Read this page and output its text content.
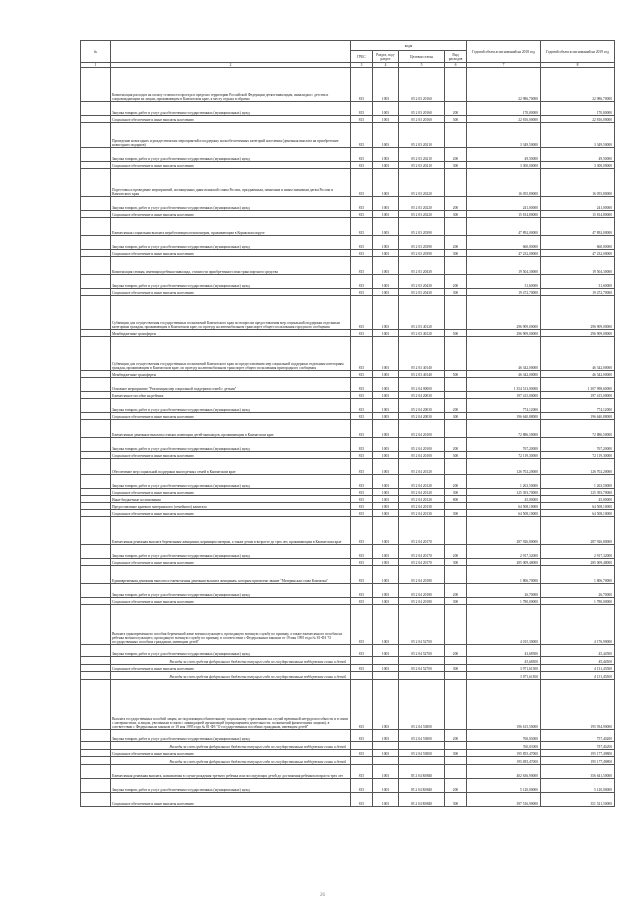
№		коды				Годовой объем ассигнований на 2018 год	Годовой объем ассигнований на 2019 год
		ГРБС	Раздел, под-раздел	Целевая статья	Вид расходов		
1	2	3	4	5	6	7	8
	Компенсация расходов на оплату стоимости проезда в пределах территории Российской Федерации детям-инвалидам, инвалидам с детства и сопровождающим их лицам, проживающим в Камчатском крае, к месту отдыха и обратно	815	1003	05 2 03 20160		22 986,70000	22 986,70000
	Закупка товаров, работ и услуг для обеспечения государственных (муниципальных) нужд	815	1003	05 2 03 20160	200	170,00000	170,00000
	Социальное обеспечение и иные выплаты населению	815	1003	05 2 03 20160	300	22 816,00000	22 816,00000
	Проведение новогодних и рождественских мероприятий и поддержку малообеспеченных категорий населения (денежная выплата на приобретение новогодних подарков)	815	1003	05 2 03 20210		3 349,50000	3 349,50000
	Закупка товаров, работ и услуг для обеспечения государственных (муниципальных) нужд	815	1003	05 2 03 20210	200	49,50000	49,50000
	Социальное обеспечение и иные выплаты населению	815	1003	05 2 03 20210	300	3 300,00000	3 300,00000
	Подготовка и проведение мероприятий, посвященных дням воинской славы России, праздничным, памятным и иным значимым датам России и Камчатского края	815	1003	05 2 03 20220		16 055,80000	16 055,80000
	Закупка товаров, работ и услуг для обеспечения государственных (муниципальных) нужд	815	1003	05 2 03 20220	200	241,00000	241,00000
	Социальное обеспечение и иные выплаты населению	815	1003	05 2 03 20220	300	15 814,80000	15 814,80000
	Ежемесячная социальная выплата неработающим пенсионерам, проживающим в Корякском округе	815	1003	05 2 03 20390		47 892,00000	47 892,00000
	Закупка товаров, работ и услуг для обеспечения государственных (муниципальных) нужд	815	1003	05 2 03 20390	200	660,00000	660,00000
	Социальное обеспечение и иные выплаты населению	815	1003	05 2 03 20390	300	47 232,00000	47 232,00000
	Компенсация семьям, имеющим ребенка-инвалида, стоимости приобретенного ими транспортного средства	815	1003	05 2 03 20430		19 504,30000	19 504,30000
	Закупка товаров, работ и услуг для обеспечения государственных (муниципальных) нужд	815	1003	05 2 03 20430	200	31,60000	31,60000
	Социальное обеспечение и иные выплаты населению	815	1003	05 2 03 20430	300	19 472,70000	19 472,70000
	Субвенции для осуществления государственных полномочий Камчатского края по вопросам предоставления мер социальной поддержки отдельным категориям граждан, проживающим в Камчатском крае, по проезду на автомобильном транспорте общего пользования городского сообщения	815	1003	05 2 03 40120		296 909,00000	296 909,00000
	Межбюджетные трансферты	815	1003	05 2 03 40120	500	296 909,00000	296 909,00000
	Субвенции для осуществления государственных полномочий Камчатского края по предоставлению мер социальной поддержки отдельным категориям граждан, проживающим в Камчатском крае, по проезду на автомобильном транспорте общего пользования пригородного сообщения	815	1003	05 2 03 40140		46 342,00000	46 342,00000
	Межбюджетные трансферты	815	1003	05 2 03 40140	500	46 342,00000	46 342,00000
	Основное мероприятие "Реализация мер социальной поддержки семей с детьми"	815	1003	05 2 04 00000		1 354 513,00000	1 307 998,60000
	Ежемесячное пособие на ребенка	815	1003	05 2 04 20030		197 415,00000	197 415,00000
	Закупка товаров, работ и услуг для обеспечения государственных (муниципальных) нужд	815	1003	05 2 04 20030	200	774,12000	774,12000
	Социальное обеспечение и иные выплаты населению	815	1003	05 2 04 20030	300	196 640,88000	196 640,88000
	Ежемесячные денежные выплаты семьям, имеющим детей-инвалидов, проживающим в Камчатском крае	815	1003	05 2 04 20100		72 886,50000	72 886,50000
	Закупка товаров, работ и услуг для обеспечения государственных (муниципальных) нужд	815	1003	05 2 04 20100	200	767,20000	767,20000
	Социальное обеспечение и иные выплаты населению	815	1003	05 2 04 20100	300	72 119,30000	72 119,30000
	Обеспечение мер социальной поддержки многодетных семей в Камчатском крае	815	1003	05 2 04 20120		126 702,20000	126 702,20000
	Закупка товаров, работ и услуг для обеспечения государственных (муниципальных) нужд	815	1003	05 2 04 20120	200	1 263,50000	1 263,50000
	Социальное обеспечение и иные выплаты населению	815	1003	05 2 04 20120	300	125 393,70000	125 393,70000
	Иные бюджетные ассигнования	815	1003	05 2 04 20120	800	45,00000	45,00000
	Предоставление краевого материнского (семейного) капитала	815	1003	05 2 04 20130		64 508,10000	64 508,10000
	Социальное обеспечение и иные выплаты населению	815	1003	05 2 04 20130	300	64 508,10000	64 508,10000
	Ежемесячная денежная выплата беременным женщинам, кормящим матерям, а также детям в возрасте до трех лет, проживающим в Камчатском крае	815	1003	05 2 04 20170		287 926,80000	287 926,80000
	Закупка товаров, работ и услуг для обеспечения государственных (муниципальных) нужд	815	1003	05 2 04 20170	200	2 917,32000	2 917,32000
	Социальное обеспечение и иные выплаты населению	815	1003	05 2 04 20170	300	285 009,48000	285 009,48000
	Единовременная денежная выплата и ежемесячная денежная выплата женщинам, которым присвоено звание "Материнская слава Камчатки"	815	1003	05 2 04 20180		1 806,70000	1 806,70000
	Закупка товаров, работ и услуг для обеспечения государственных (муниципальных) нужд	815	1003	05 2 04 20180	200	26,70000	26,70000
	Социальное обеспечение и иные выплаты населению	815	1003	05 2 04 20180	300	1 780,00000	1 780,00000
	Выплата единовременного пособия беременной жене военнослужащего, проходящего военную службу по призыву, а также ежемесячного пособия на ребенка военнослужащего, проходящего военную службу по призыву, в соответствии с Федеральным законом от 19 мая 1995 года № 81-ФЗ "О государственных пособиях гражданам, имеющим детей"	815	1003	05 2 04 52700		4 015,30000	4 176,90000
	Закупка товаров, работ и услуг для обеспечения государственных (муниципальных) нужд	815	1003	05 2 04 52700	200	43,68500	45,44500
	Расходы за счет средств федерального бюджета текущего года по государственным поддержкам семьи и детей					43,68500	45,44500
	Социальное обеспечение и иные выплаты населению	815	1003	05 2 04 52700	300	3 971,61500	4 131,45500
	Расходы за счет средств федерального бюджета текущего года по государственным поддержкам семьи и детей					3 971,61500	4 131,45500
	Выплата государственных пособий лицам, не подлежащим обязательному социальному страхованию на случай временной нетрудоспособности и в связи с материнством, и лицам, уволенным в связи с ликвидацией организаций (прекращением деятельности, полномочий физическими лицами), в соответствии с Федеральным законом от 19 мая 1995 года № 81-ФЗ "О государственных пособиях гражданам, имеющим детей"	815	1003	05 2 04 53800		196 615,50000	195 934,90000
	Закупка товаров, работ и услуг для обеспечения государственных (муниципальных) нужд	815	1003	05 2 04 53800	200	760,03000	757,40200
	Расходы за счет средств федерального бюджета текущего года по государственным поддержкам семьи и детей					760,03000	757,40200
	Социальное обеспечение и иные выплаты населению	815	1003	05 2 04 53800	300	195 855,47000	195 177,49800
	Расходы за счет средств федерального бюджета текущего года по государственным поддержкам семьи и детей					195 855,47000	195 177,49800
	Ежемесячная денежная выплата, назначаемая в случае рождения третьего ребенка или последующих детей до достижения ребенком возраста трех лет	815	1003	05 2 04 R0840		402 636,90000	356 641,50000
	Закупка товаров, работ и услуг для обеспечения государственных (муниципальных) нужд	815	1003	05 2 04 R0840	200	5 120,00000	5 120,00000
	Социальное обеспечение и иные выплаты населению	815	1003	05 2 04 R0840	300	397 516,90000	351 521,50000
26
